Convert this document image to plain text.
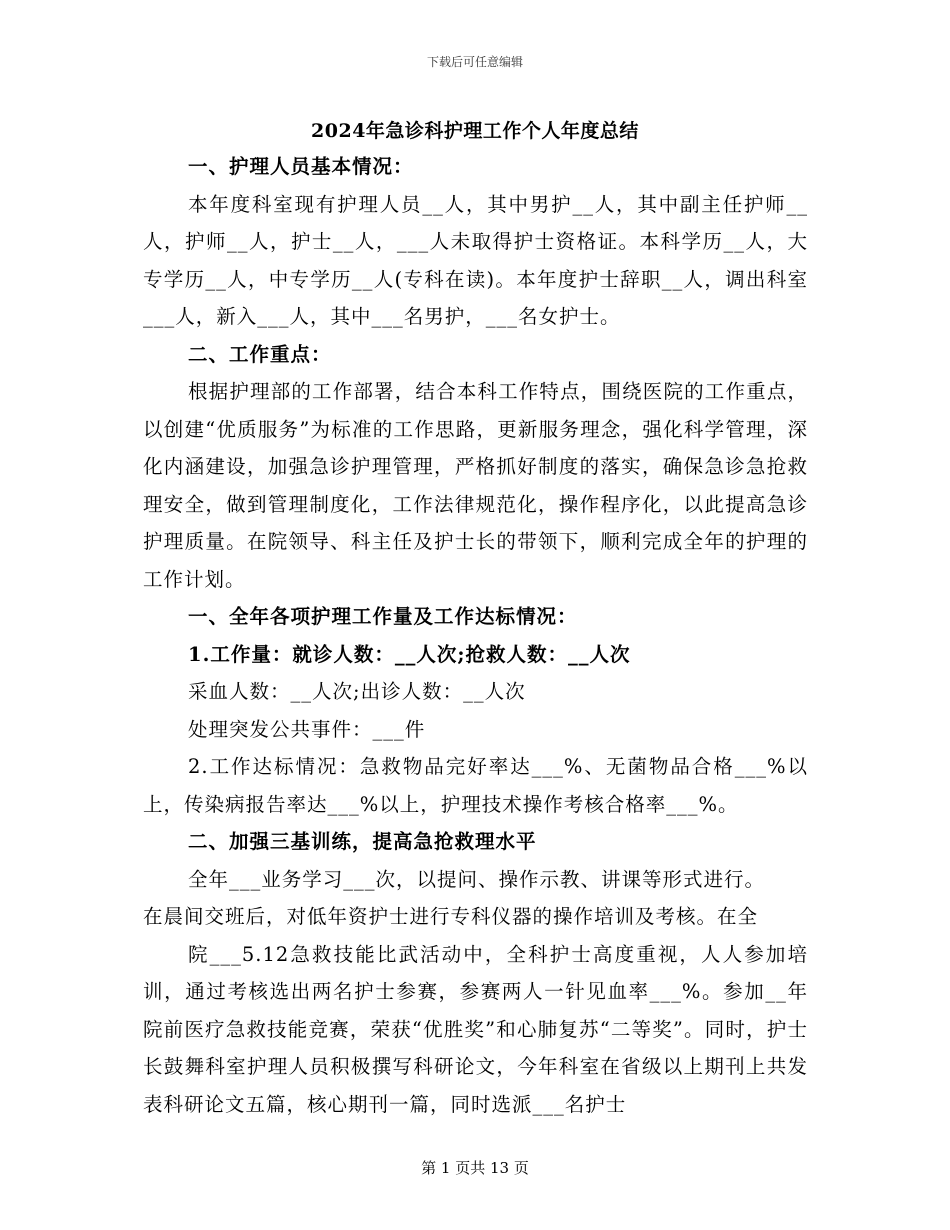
下载后可任意编辑
2024年急诊科护理工作个人年度总结

一、护理人员基本情况：

本年度科室现有护理人员__人，其中男护__人，其中副主任护师__人，护师__人，护士__人，___人未取得护士资格证。本科学历__人，大专学历__人，中专学历__人(专科在读)。本年度护士辞职__人，调出科室___人，新入___人，其中___名男护，___名女护士。

二、工作重点：

根据护理部的工作部署，结合本科工作特点，围绕医院的工作重点，以创建“优质服务”为标准的工作思路，更新服务理念，强化科学管理，深化内涵建设，加强急诊护理管理，严格抓好制度的落实，确保急诊急抢救理安全，做到管理制度化，工作法律规范化，操作程序化，以此提高急诊护理质量。在院领导、科主任及护士长的带领下，顺利完成全年的护理的工作计划。

一、全年各项护理工作量及工作达标情况：

1.工作量：就诊人数：__人次;抢救人数：__人次

采血人数：__人次;出诊人数：__人次

处理突发公共事件：___件

2.工作达标情况：急救物品完好率达___%、无菌物品合格___%以上，传染病报告率达___%以上，护理技术操作考核合格率___%。

二、加强三基训练，提高急抢救理水平

全年___业务学习___次，以提问、操作示教、讲课等形式进行。

在晨间交班后，对低年资护士进行专科仪器的操作培训及考核。在全

院___5.12急救技能比武活动中，全科护士高度重视，人人参加培训，通过考核选出两名护士参赛，参赛两人一针见血率___%。参加__年院前医疗急救技能竞赛，荣获“优胜奖”和心肺复苏“二等奖”。同时，护士长鼓舞科室护理人员积极撰写科研论文，今年科室在省级以上期刊上共发表科研论文五篇，核心期刊一篇，同时选派___名护士

第 1 页共 13 页
